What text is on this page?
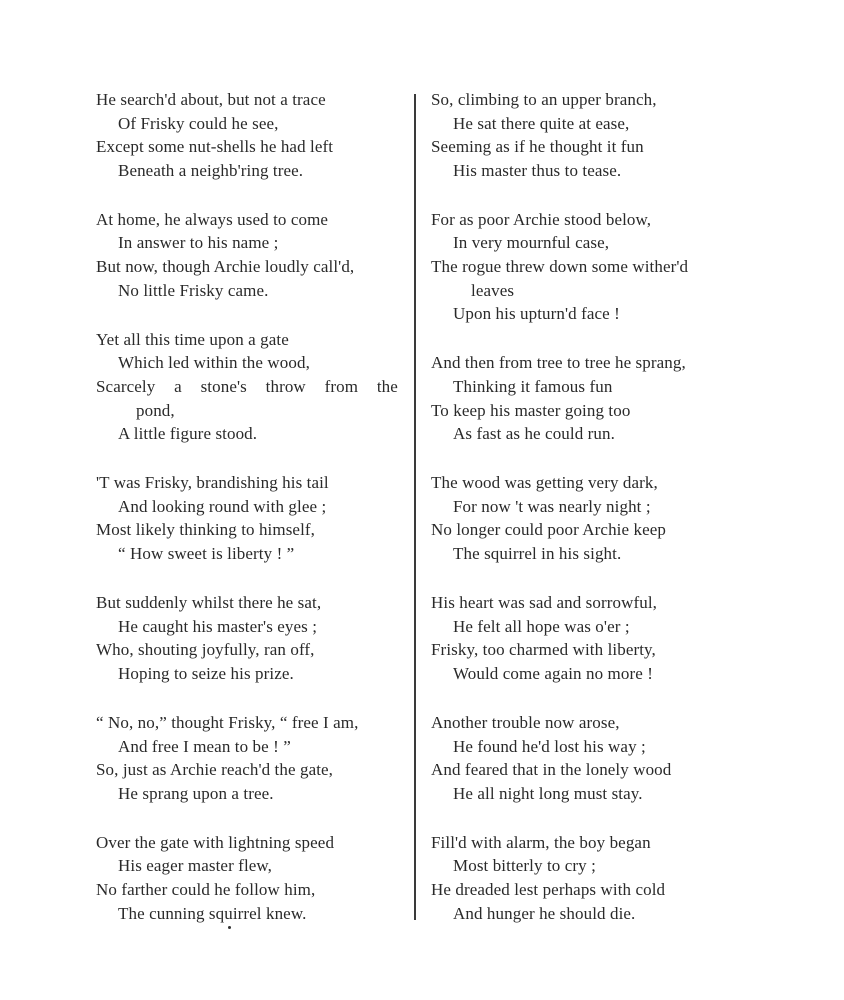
He search'd about, but not a trace
Of Frisky could he see,
Except some nut-shells he had left
Beneath a neighb'ring tree.
At home, he always used to come
In answer to his name ;
But now, though Archie loudly call'd,
No little Frisky came.
Yet all this time upon a gate
Which led within the wood,
Scarcely a stone's throw from the
pond,
A little figure stood.
'T was Frisky, brandishing his tail
And looking round with glee ;
Most likely thinking to himself,
“ How sweet is liberty ! ”
But suddenly whilst there he sat,
He caught his master's eyes ;
Who, shouting joyfully, ran off,
Hoping to seize his prize.
“ No, no,” thought Frisky, “ free I am,
And free I mean to be ! ”
So, just as Archie reach'd the gate,
He sprang upon a tree.
Over the gate with lightning speed
His eager master flew,
No farther could he follow him,
The cunning squirrel knew.
So, climbing to an upper branch,
He sat there quite at ease,
Seeming as if he thought it fun
His master thus to tease.
For as poor Archie stood below,
In very mournful case,
The rogue threw down some wither'd
leaves
Upon his upturn'd face !
And then from tree to tree he sprang,
Thinking it famous fun
To keep his master going too
As fast as he could run.
The wood was getting very dark,
For now 't was nearly night ;
No longer could poor Archie keep
The squirrel in his sight.
His heart was sad and sorrowful,
He felt all hope was o'er ;
Frisky, too charmed with liberty,
Would come again no more !
Another trouble now arose,
He found he'd lost his way ;
And feared that in the lonely wood
He all night long must stay.
Fill'd with alarm, the boy began
Most bitterly to cry ;
He dreaded lest perhaps with cold
And hunger he should die.
